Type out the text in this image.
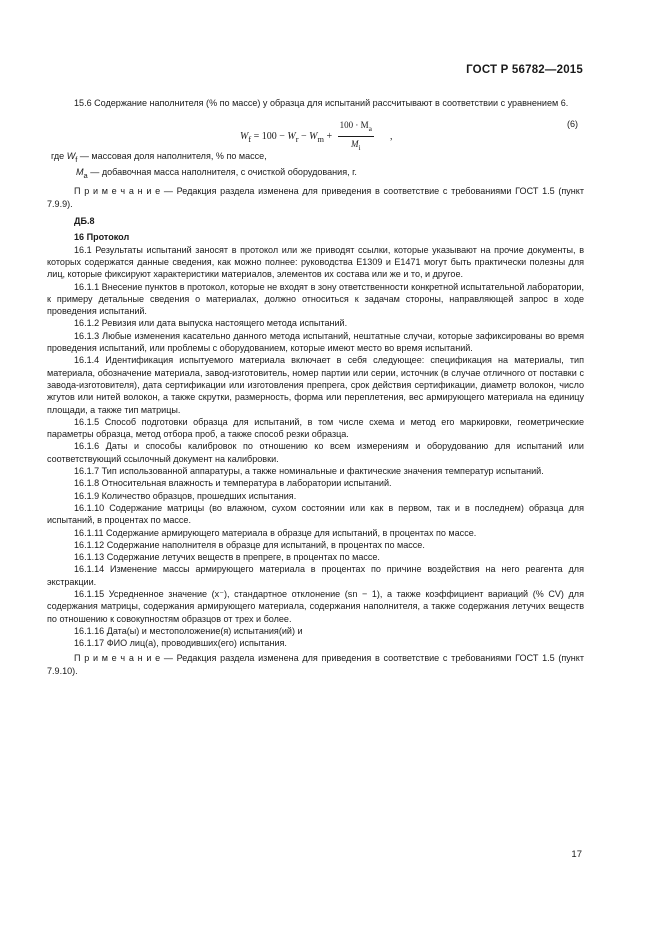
ГОСТ Р 56782—2015

15.6 Содержание наполнителя (% по массе) у образца для испытаний рассчитывают в соответствии с уравнением 6.

$W_f = 100 - W_r - W_m + \frac{100 \cdot M_a}{M_i}$ ,
(6)
где $W_f$ — массовая доля наполнителя, % по массе,
$M_a$ — добавочная масса наполнителя, с очисткой оборудования, г.

П р и м е ч а н и е — Редакция раздела изменена для приведения в соответствие с требованиями ГОСТ 1.5 (пункт 7.9.9).

ДБ.8

16 Протокол

16.1 Результаты испытаний заносят в протокол или же приводят ссылки, которые указывают на прочие документы, в которых содержатся данные сведения, как можно полнее: руководства Е1309 и Е1471 могут быть практически полезны для лиц, которые фиксируют характеристики материалов, элементов их состава или же и то, и другое.

16.1.1 Внесение пунктов в протокол, которые не входят в зону ответственности конкретной испытательной лаборатории, к примеру детальные сведения о материалах, должно относиться к задачам стороны, направляющей запрос в ходе проведения испытаний.

16.1.2 Ревизия или дата выпуска настоящего метода испытаний.

16.1.3 Любые изменения касательно данного метода испытаний, нештатные случаи, которые зафиксированы во время проведения испытаний, или проблемы с оборудованием, которые имеют место во время испытаний.

16.1.4 Идентификация испытуемого материала включает в себя следующее: спецификация на материалы, тип материала, обозначение материала, завод-изготовитель, номер партии или серии, источник (в случае отличного от поставки с завода-изготовителя), дата сертификации или изготовления препрега, срок действия сертификации, диаметр волокон, число жгутов или нитей волокон, а также скрутки, размерность, форма или переплетения, вес армирующего материала на единицу площади, а также тип матрицы.

16.1.5 Способ подготовки образца для испытаний, в том числе схема и метод его маркировки, геометрические параметры образца, метод отбора проб, а также способ резки образца.

16.1.6 Даты и способы калибровок по отношению ко всем измерениям и оборудованию для испытаний или соответствующий ссылочный документ на калибровки.

16.1.7 Тип использованной аппаратуры, а также номинальные и фактические значения температур испытаний.

16.1.8 Относительная влажность и температура в лаборатории испытаний.

16.1.9 Количество образцов, прошедших испытания.

16.1.10 Содержание матрицы (во влажном, сухом состоянии или как в первом, так и в последнем) образца для испытаний, в процентах по массе.

16.1.11 Содержание армирующего материала в образце для испытаний, в процентах по массе.

16.1.12 Содержание наполнителя в образце для испытаний, в процентах по массе.

16.1.13 Содержание летучих веществ в препреге, в процентах по массе.

16.1.14 Изменение массы армирующего материала в процентах по причине воздействия на него реагента для экстракции.

16.1.15 Усредненное значение (x⁻), стандартное отклонение (sn − 1), а также коэффициент вариаций (% CV) для содержания матрицы, содержания армирующего материала, содержания наполнителя, а также содержания летучих веществ по отношению к совокупностям образцов от трех и более.

16.1.16 Дата(ы) и местоположение(я) испытания(ий) и

16.1.17 ФИО лиц(а), проводивших(его) испытания.

П р и м е ч а н и е — Редакция раздела изменена для приведения в соответствие с требованиями ГОСТ 1.5 (пункт 7.9.10).

17
